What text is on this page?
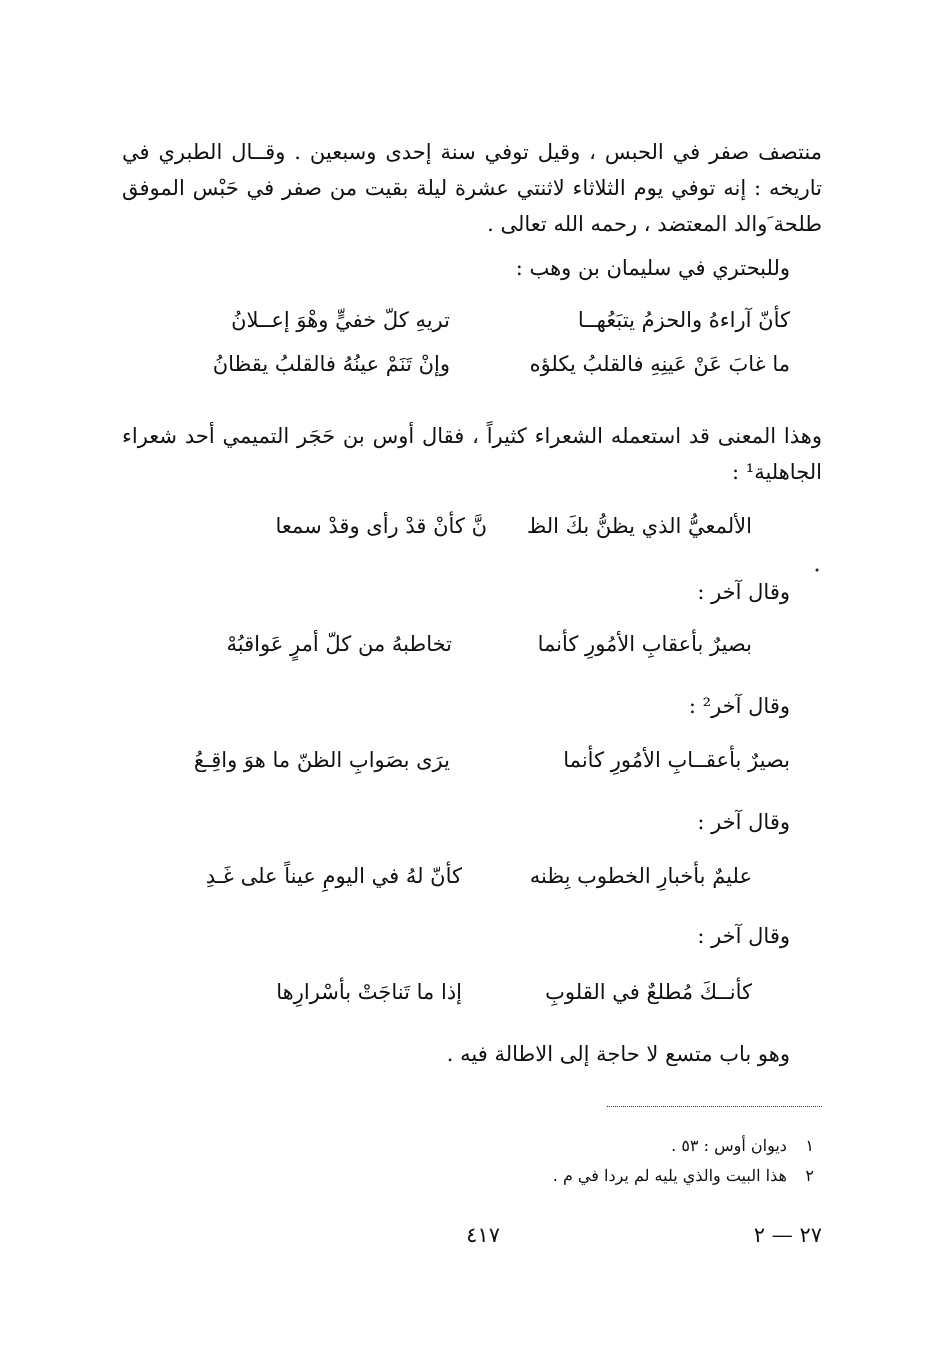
منتصف صفر في الحبس ، وقيل توفي سنة إحدى وسبعين . وقــال الطبري في تاريخه : إنه توفي يوم الثلاثاء لاثنتي عشرة ليلة بقيت من صفر في حَبْس الموفق طلحة َوالد المعتضد ، رحمه الله تعالى .
وللبحتري في سليمان بن وهب :
كأنّ آراءهُ والحزمُ يتبَعُهــا
تريهِ كلّ خفيٍّ وهْوَ إعــلانُ
ما غابَ عَنْ عَينِهِ فالقلبُ يكلؤه
وإنْ تَنَمْ عينُهُ فالقلبُ يقظانُ
وهذا المعنى قد استعمله الشعراء كثيراً ، فقال أوس بن حَجَر التميمي أحد شعراء الجاهلية¹ :
الألمعيُّ الذي يظنُّ بكَ الظ
نَّ كأنْ قدْ رأى وقدْ سمعا
وقال آخر :
بصيرٌ بأعقابِ الأمُورِ كأنما
تخاطبهُ من كلّ أمرٍ عَواقبُهْ
وقال آخر² :
بصيرٌ بأعقــابِ الأمُورِ كأنما
يرَى بصَوابِ الظنّ ما هوَ واقِـعُ
وقال آخر :
عليمٌ بأخبارِ الخطوب بِظنه
كأنّ لهُ في اليومِ عيناً على غَـدِ
وقال آخر :
كأنــكَ مُطلعٌ في القلوبِ
إذا ما تَناجَتْ بأسْرارِها
وهو باب متسع لا حاجة إلى الاطالة فيه .
١ ديوان أوس : ٥٣ .
٢ هذا البيت والذي يليه لم يردا في م .
٢٧ — ٢
٤١٧
